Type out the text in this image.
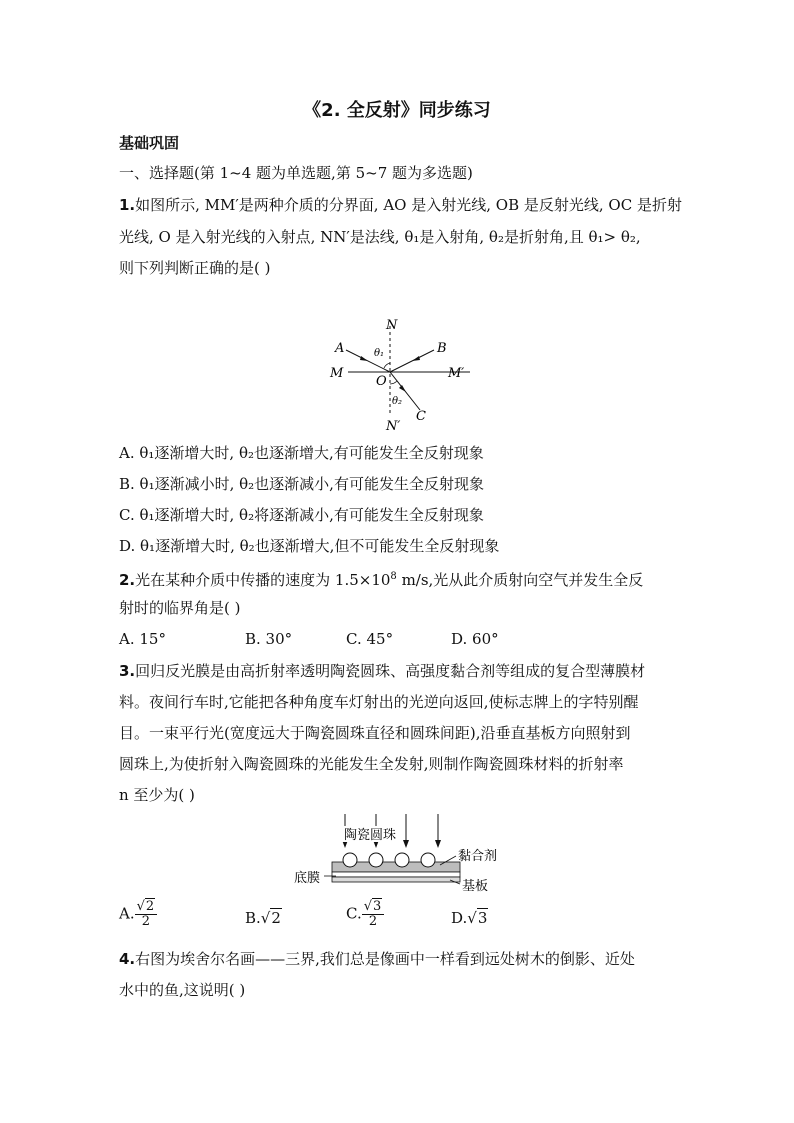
《2. 全反射》同步练习
基础巩固
一、选择题(第 1~4 题为单选题,第 5~7 题为多选题)
1.如图所示, MM′是两种介质的分界面, AO 是入射光线, OB 是反射光线, OC 是折射
光线, O 是入射光线的入射点, NN′是法线, θ₁是入射角, θ₂是折射角,且 θ₁> θ₂,
则下列判断正确的是( )
N
N′
A	B
C
M	M′
O
θ₁
θ₂
A. θ₁逐渐增大时, θ₂也逐渐增大,有可能发生全反射现象
B. θ₁逐渐减小时, θ₂也逐渐减小,有可能发生全反射现象
C. θ₁逐渐增大时, θ₂将逐渐减小,有可能发生全反射现象
D. θ₁逐渐增大时, θ₂也逐渐增大,但不可能发生全反射现象
2.光在某种介质中传播的速度为 $1.5\times 10^8$ m/s,光从此介质射向空气并发生全反
射时的临界角是( )
A. 15°	B. 30°	C. 45°	D. 60°
3.回归反光膜是由高折射率透明陶瓷圆珠、高强度黏合剂等组成的复合型薄膜材
料。夜间行车时,它能把各种角度车灯射出的光逆向返回,使标志牌上的字特别醒
目。一束平行光(宽度远大于陶瓷圆珠直径和圆珠间距),沿垂直基板方向照射到
圆珠上,为使折射入陶瓷圆珠的光能发生全发射,则制作陶瓷圆珠材料的折射率
n 至少为( )
陶瓷圆珠
黏合剂
底膜
基板
A. $\frac{√2}{2}$	B.√2	C. $\frac{√3}{2}$	D.√3
4.右图为埃舍尔名画——三界,我们总是像画中一样看到远处树木的倒影、近处
水中的鱼,这说明( )
